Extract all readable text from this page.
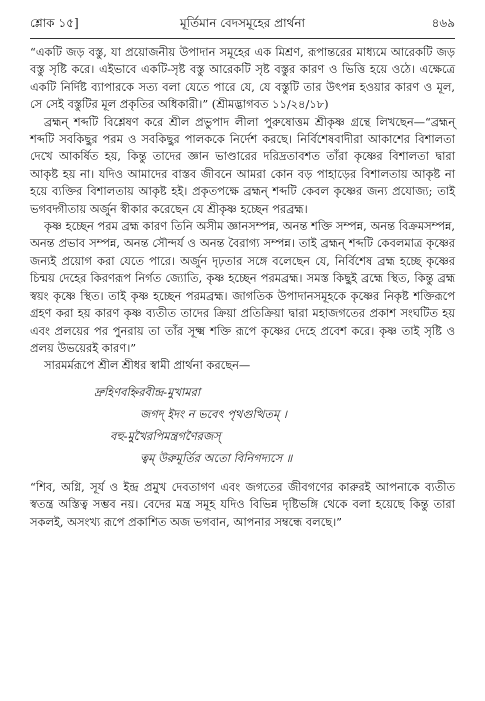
শ্লোক ১৫]	মূর্তিমান বেদসমূহের প্রার্থনা	৪৬৯

“একটি জড় বস্তু, যা প্রয়োজনীয় উপাদান সমূহের এক মিশ্রণ, রূপান্তরের মাধ্যমে আরেকটি জড় বস্তু সৃষ্টি করে। এইভাবে একটি-সৃষ্ট বস্তু আরেকটি সৃষ্ট বস্তুর কারণ ও ভিত্তি হয়ে ওঠে। এক্ষেত্রে একটি নির্দিষ্ট ব্যাপারকে সত্য বলা যেতে পারে যে, যে বস্তুটি তার উৎপন্ন হওয়ার কারণ ও মূল, সে সেই বস্তুটির মূল প্রকৃতির অধিকারী।” (শ্রীমদ্ভাগবত ১১/২৪/১৮)

ব্রহ্মন্ শব্দটি বিশ্লেষণ করে শ্রীল প্রভুপাদ লীলা পুরুষোত্তম শ্রীকৃষ্ণ গ্রন্থে লিখছেন—“ব্রহ্মন্ শব্দটি সবকিছুর পরম ও সবকিছুর পালককে নির্দেশ করছে। নির্বিশেষবাদীরা আকাশের বিশালতা দেখে আকর্ষিত হয়, কিন্তু তাদের জ্ঞান ভাণ্ডারের দরিদ্রতাবশত তাঁরা কৃষ্ণের বিশালতা দ্বারা আকৃষ্ট হয় না। যদিও আমাদের বাস্তব জীবনে আমরা কোন বড় পাহাড়ের বিশালতায় আকৃষ্ট না হয়ে ব্যক্তির বিশালতায় আকৃষ্ট হই। প্রকৃতপক্ষে ব্রহ্মন্ শব্দটি কেবল কৃষ্ণের জন্য প্রযোজ্য; তাই ভগবদ্গীতায় অর্জুন স্বীকার করেছেন যে শ্রীকৃষ্ণ হচ্ছেন পরব্রহ্ম।

কৃষ্ণ হচ্ছেন পরম ব্রহ্ম কারণ তিনি অসীম জ্ঞানসম্পন্ন, অনন্ত শক্তি সম্পন্ন, অনন্ত বিক্রমসম্পন্ন, অনন্ত প্রভাব সম্পন্ন, অনন্ত সৌন্দর্য ও অনন্ত বৈরাগ্য সম্পন্ন। তাই ব্রহ্মন্ শব্দটি কেবলমাত্র কৃষ্ণের জন্যই প্রয়োগ করা যেতে পারে। অর্জুন দৃঢ়তার সঙ্গে বলেছেন যে, নির্বিশেষ ব্রহ্ম হচ্ছে কৃষ্ণের চিন্ময় দেহের কিরণরূপ নির্গত জ্যোতি, কৃষ্ণ হচ্ছেন পরমব্রহ্ম। সমস্ত কিছুই ব্রহ্মে স্থিত, কিন্তু ব্রহ্ম স্বয়ং কৃষ্ণে স্থিত। তাই কৃষ্ণ হচ্ছেন পরমব্রহ্ম। জাগতিক উপাদানসমূহকে কৃষ্ণের নিকৃষ্ট শক্তিরূপে গ্রহণ করা হয় কারণ কৃষ্ণ ব্যতীত তাদের ক্রিয়া প্রতিক্রিয়া দ্বারা মহাজগতের প্রকাশ সংঘটিত হয় এবং প্রলয়ের পর পুনরায় তা তাঁর সূক্ষ্ম শক্তি রূপে কৃষ্ণের দেহে প্রবেশ করে। কৃষ্ণ তাই সৃষ্টি ও প্রলয় উভয়েরই কারণ।”

সারমর্মরূপে শ্রীল শ্রীধর স্বামী প্রার্থনা করছেন—

দ্রুহিণবহ্নিরবীন্দ্র-মুখামরা
জগদ্ ইদং ন ভবেৎ পৃথগুত্থিতম্ ।
বহু-মুখৈরপিমন্ত্রগণৈরজস্
ত্বম্ উরুমূর্তির অতো বিনিগদ্যসে ॥

“শিব, অগ্নি, সূর্য ও ইন্দ্র প্রমুখ দেবতাগণ এবং জগতের জীবগণের কারুরই আপনাকে ব্যতীত স্বতন্ত্র অস্তিত্ব সম্ভব নয়। বেদের মন্ত্র সমূহ যদিও বিভিন্ন দৃষ্টিভঙ্গি থেকে বলা হয়েছে কিন্তু তারা সকলই, অসংখ্য রূপে প্রকাশিত অজ ভগবান, আপনার সম্বন্ধে বলছে।”
